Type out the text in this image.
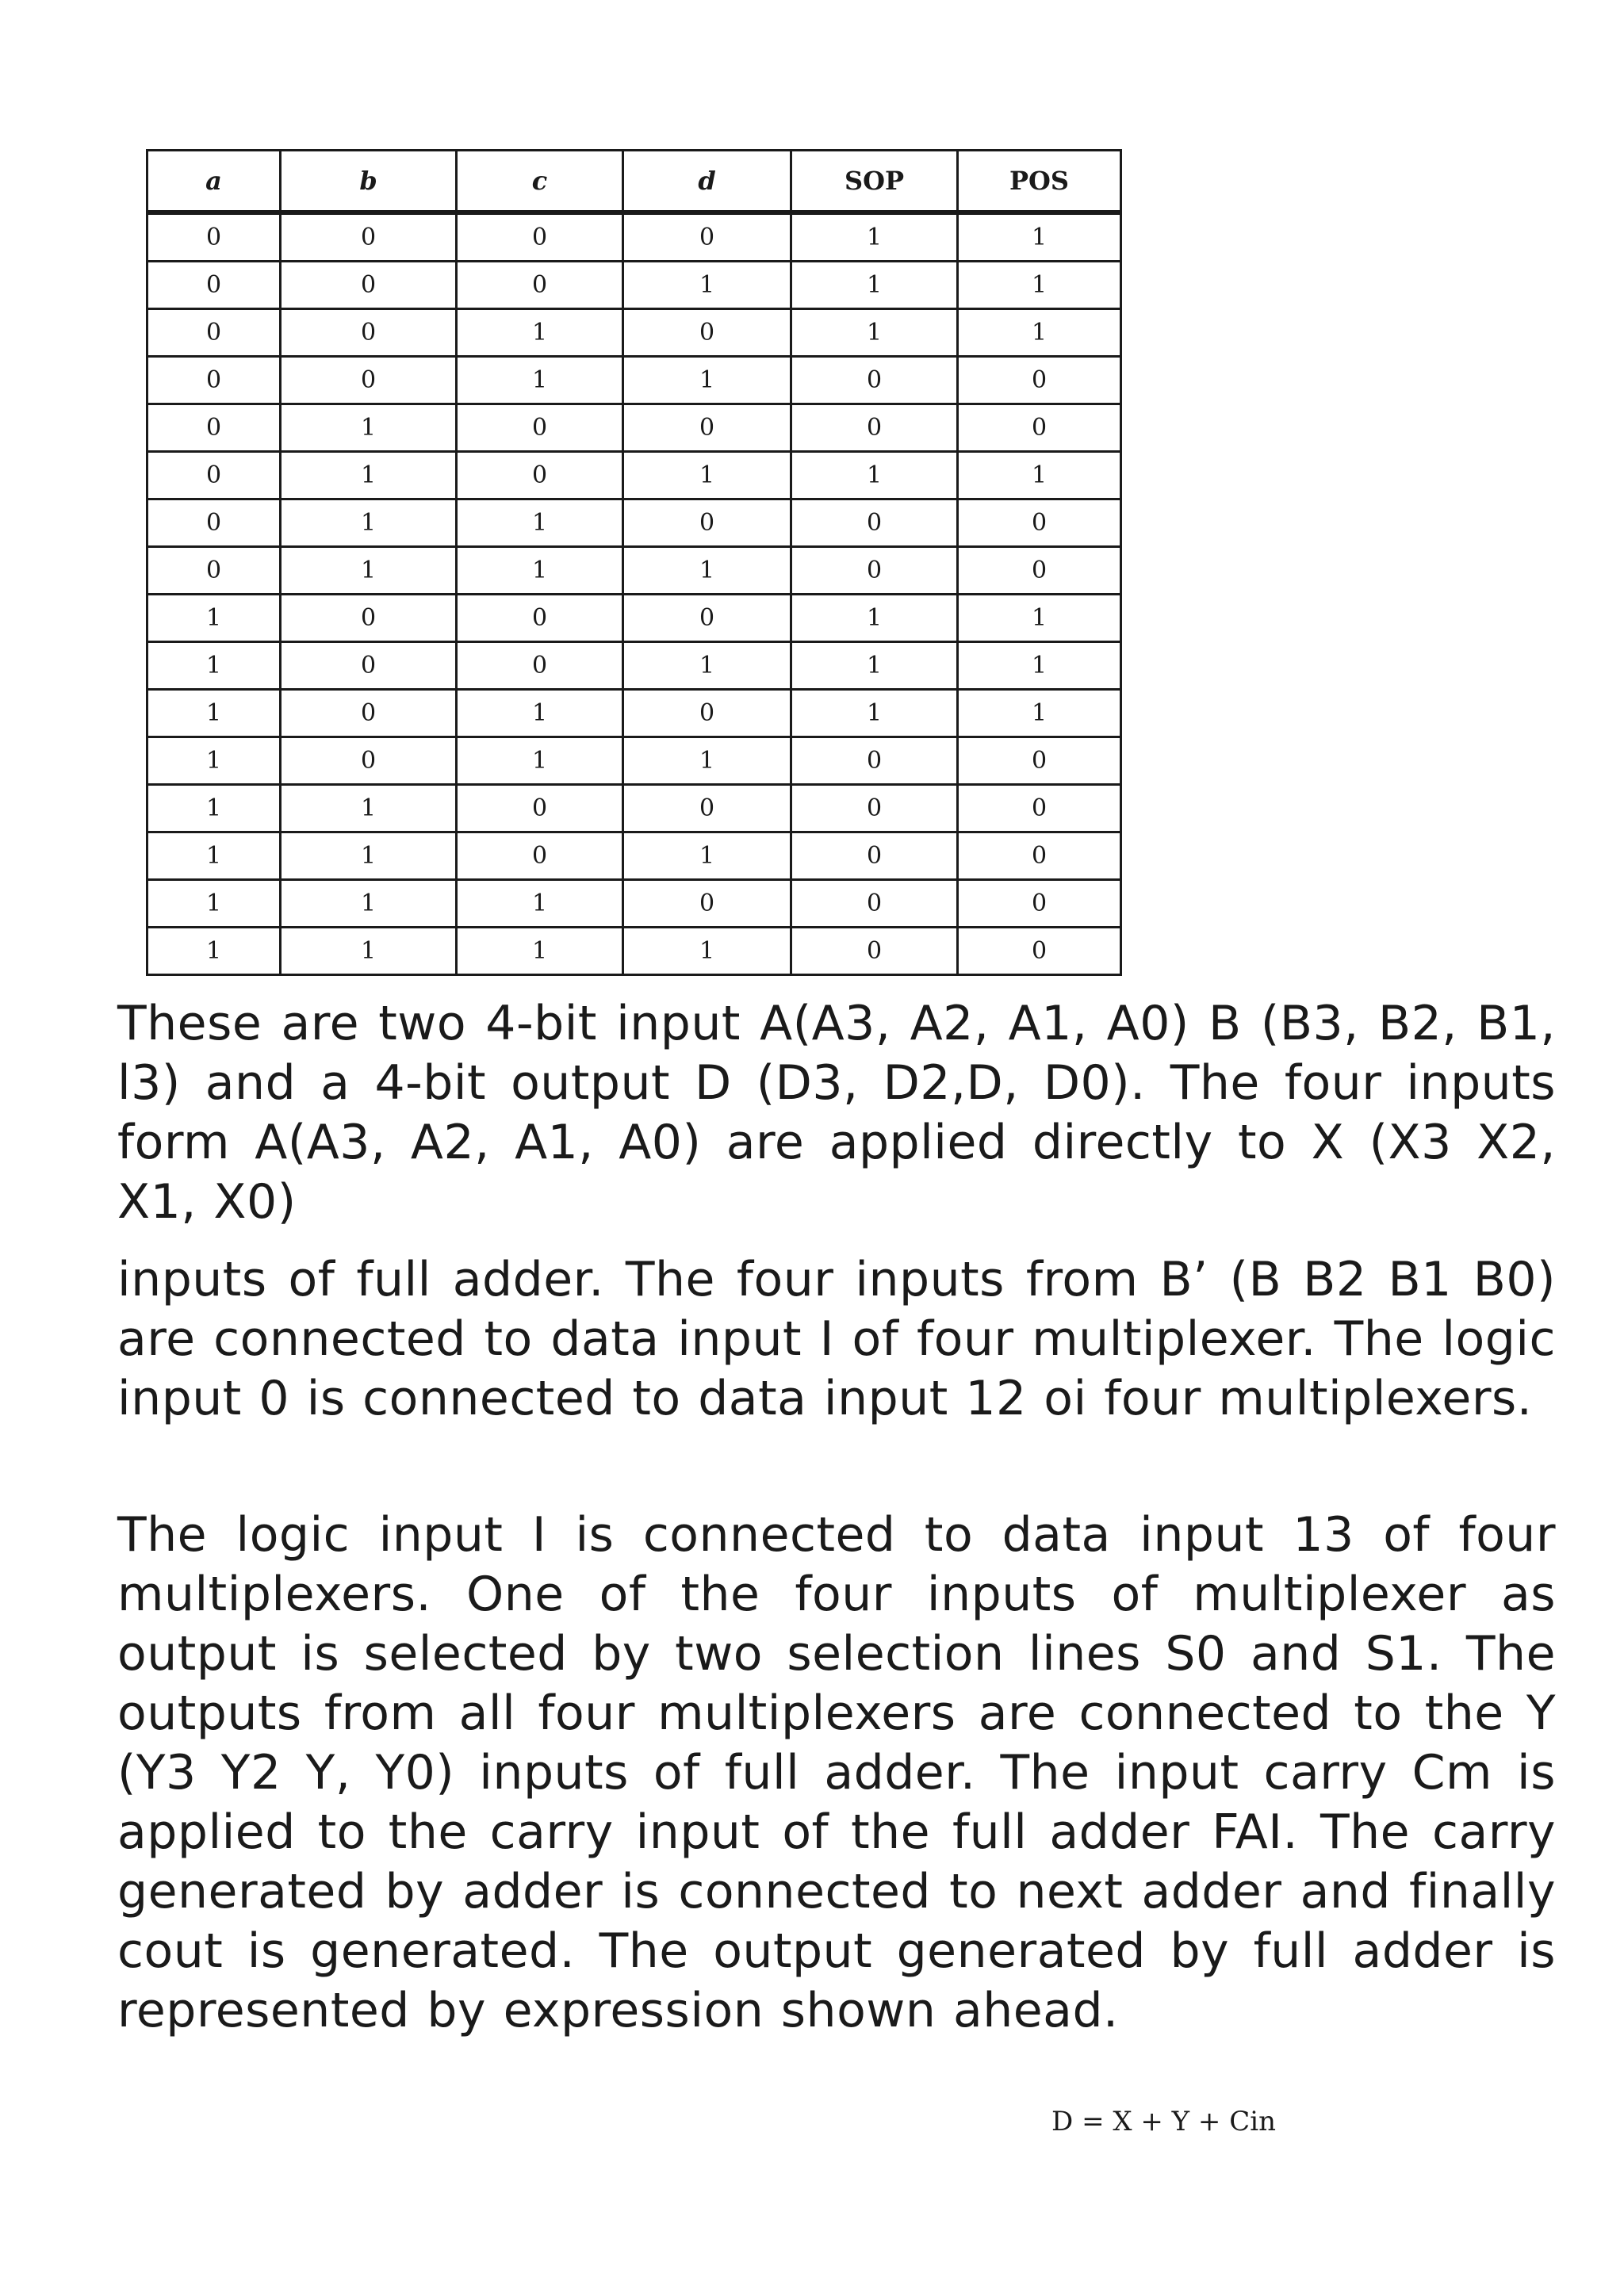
a	b	c	d	SOP	POS
0	0	0	0	1	1
0	0	0	1	1	1
0	0	1	0	1	1
0	0	1	1	0	0
0	1	0	0	0	0
0	1	0	1	1	1
0	1	1	0	0	0
0	1	1	1	0	0
1	0	0	0	1	1
1	0	0	1	1	1
1	0	1	0	1	1
1	0	1	1	0	0
1	1	0	0	0	0
1	1	0	1	0	0
1	1	1	0	0	0
1	1	1	1	0	0

These are two 4-bit input A(A3, A2, A1, A0) B (B3, B2, B1, l3) and a 4-bit output D (D3, D2,D, D0). The four inputs form A(A3, A2, A1, A0) are applied directly to X (X3 X2, X1, X0)

inputs of full adder. The four inputs from B’ (B B2 B1 B0) are connected to data input I of four multiplexer. The logic input 0 is connected to data input 12 oi four multiplexers.

The logic input I is connected to data input 13 of four multiplexers. One of the four inputs of multiplexer as output is selected by two selection lines S0 and S1. The outputs from all four multiplexers are connected to the Y (Y3 Y2 Y, Y0) inputs of full adder. The input carry Cm is applied to the carry input of the full adder FAI. The carry generated by adder is connected to next adder and finally cout is generated. The output generated by full adder is represented by expression shown ahead.

D = X + Y + Cin
